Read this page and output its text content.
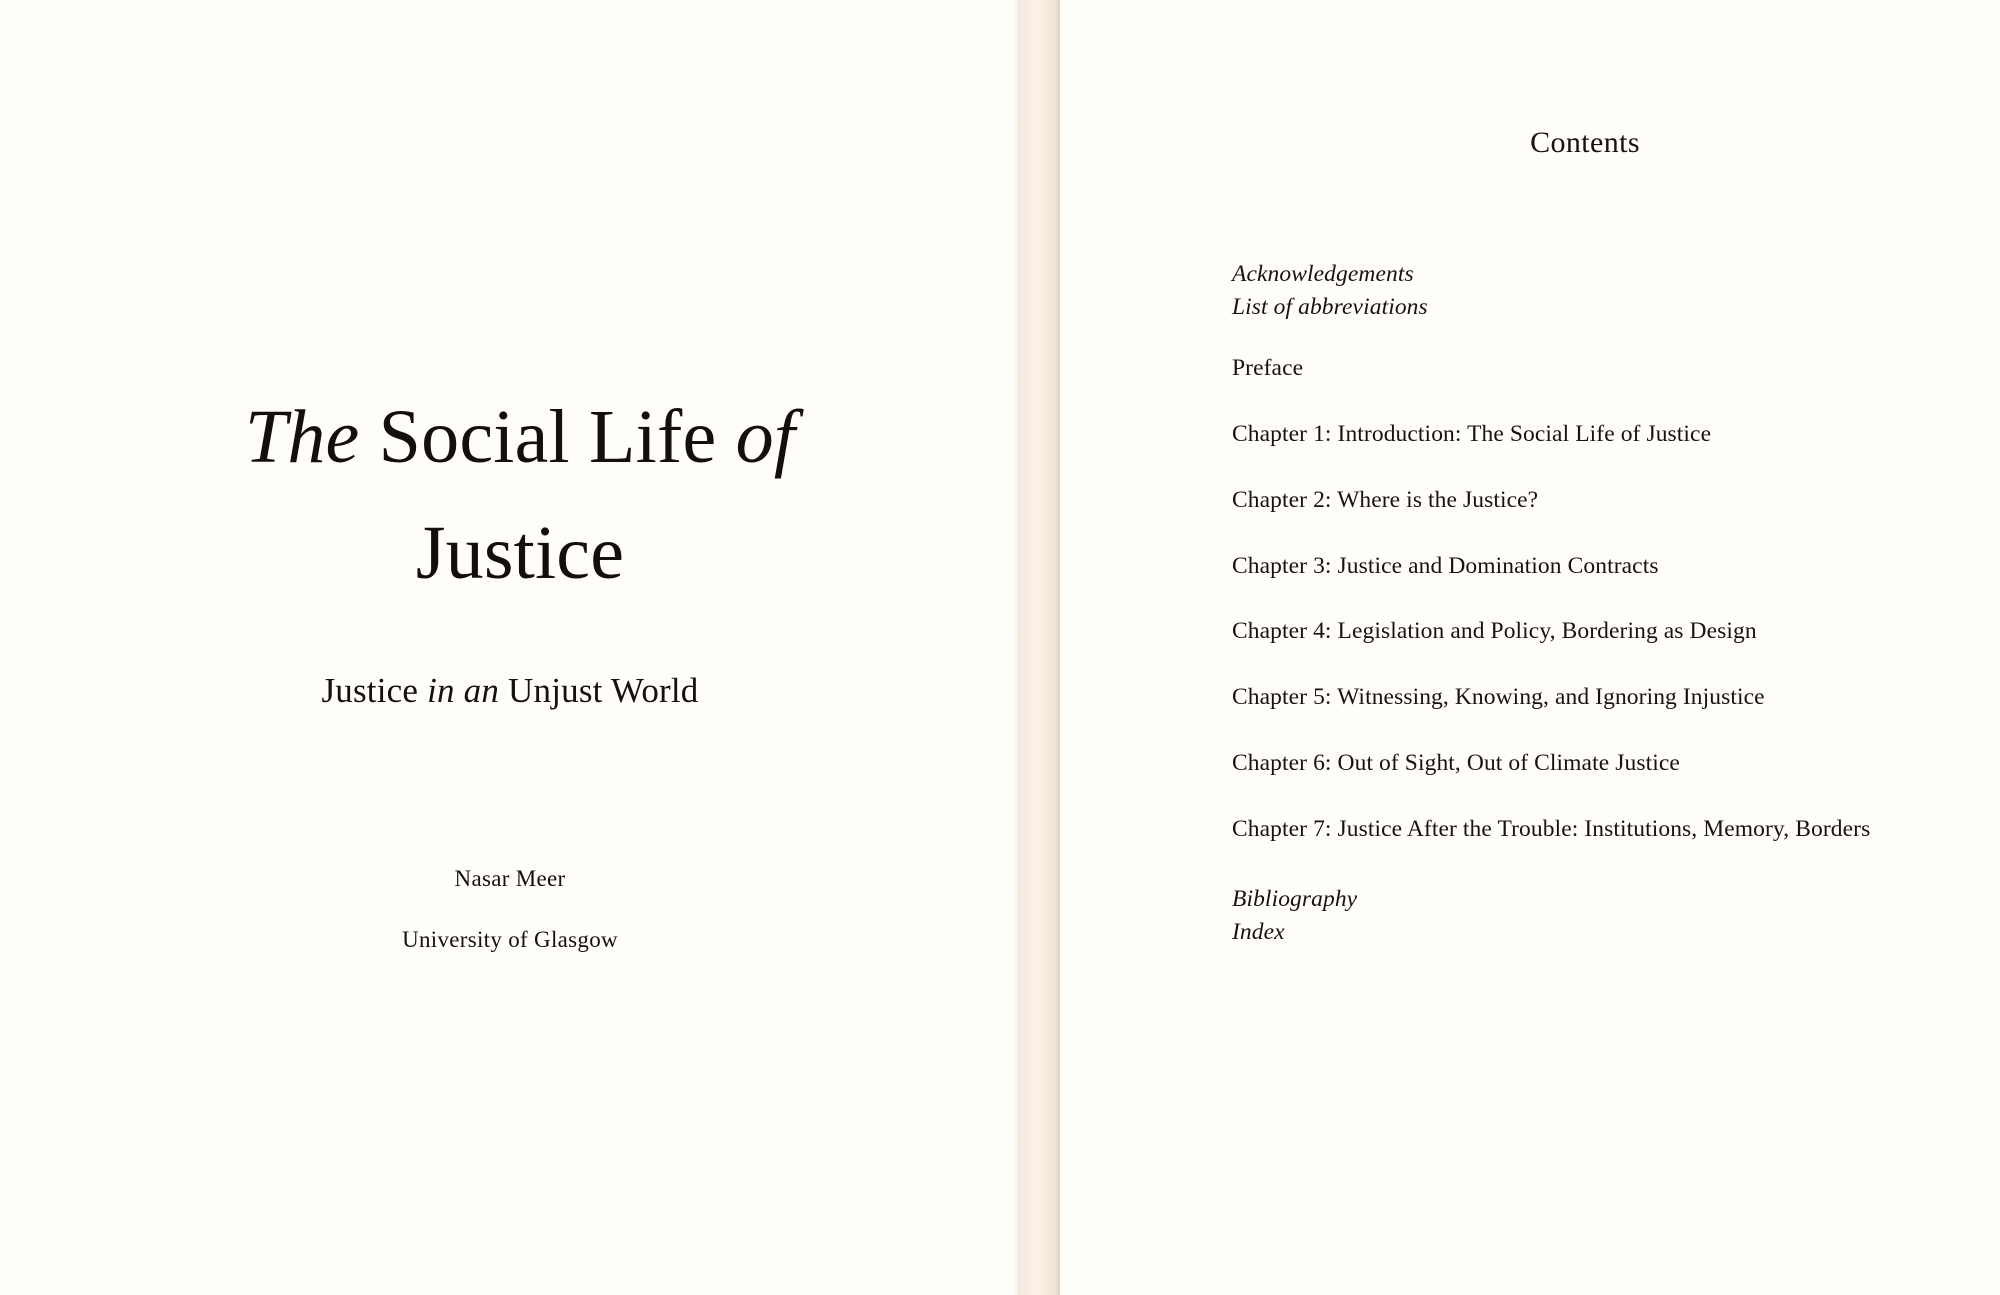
The Social Life of
Justice
Justice in an Unjust World
Nasar Meer
University of Glasgow
Contents
Acknowledgements
List of abbreviations
Preface
Chapter 1: Introduction: The Social Life of Justice
Chapter 2: Where is the Justice?
Chapter 3: Justice and Domination Contracts
Chapter 4: Legislation and Policy, Bordering as Design
Chapter 5: Witnessing, Knowing, and Ignoring Injustice
Chapter 6: Out of Sight, Out of Climate Justice
Chapter 7: Justice After the Trouble: Institutions, Memory, Borders
Bibliography
Index
